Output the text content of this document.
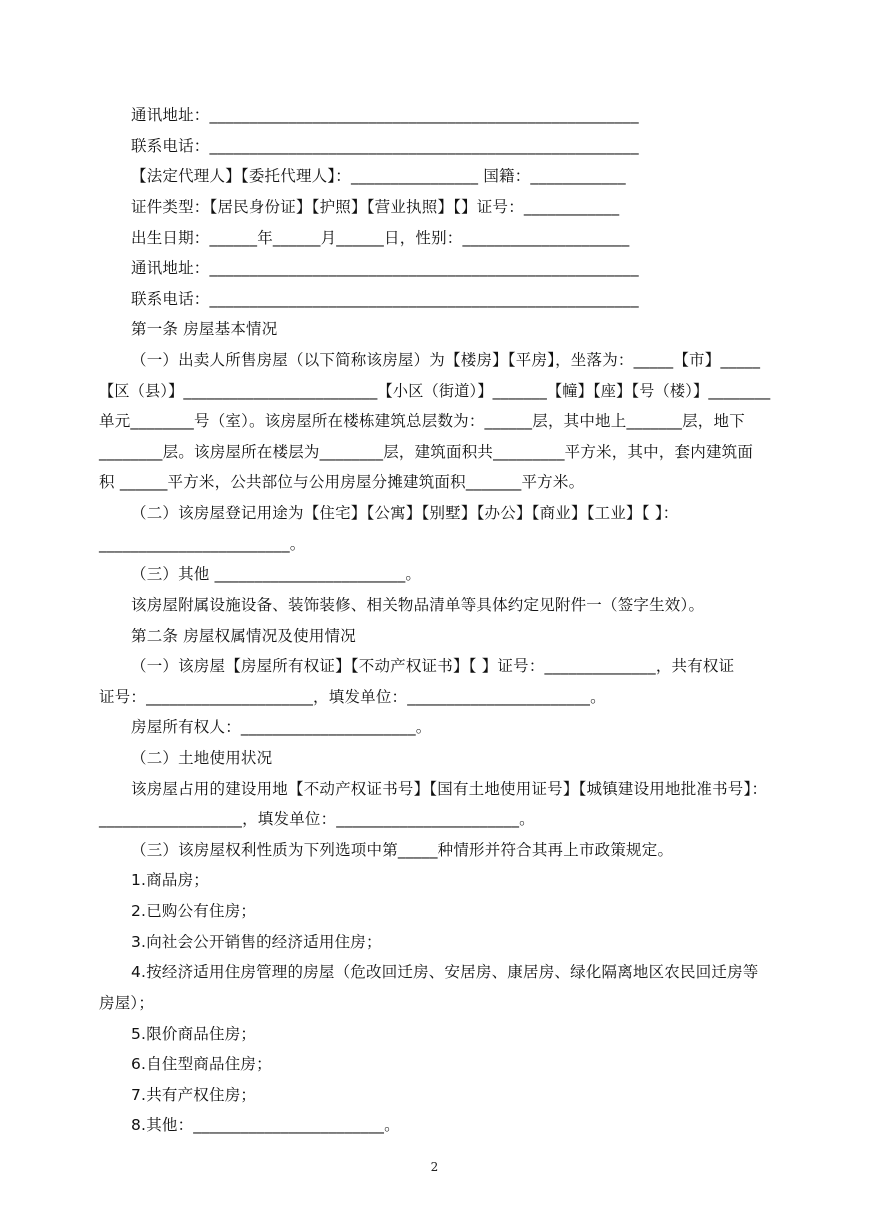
通讯地址：______________________________________________________
联系电话：______________________________________________________
【法定代理人】【委托代理人】：________________ 国籍：____________
证件类型：【居民身份证】【护照】【营业执照】【】证号：____________
出生日期：______年______月______日，性别：_____________________
通讯地址：______________________________________________________
联系电话：______________________________________________________
第一条 房屋基本情况
（一）出卖人所售房屋（以下简称该房屋）为【楼房】【平房】，坐落为：_____【市】_____
【区（县）】_________________________【小区（街道）】_______【幢】【座】【号（楼）】________
单元________号（室）。该房屋所在楼栋建筑总层数为：______层，其中地上_______层，地下
________层。该房屋所在楼层为________层，建筑面积共_________平方米，其中，套内建筑面
积 ______平方米，公共部位与公用房屋分摊建筑面积_______平方米。
（二）该房屋登记用途为【住宅】【公寓】【别墅】【办公】【商业】【工业】【 】：
________________________。
（三）其他 ________________________。
该房屋附属设施设备、装饰装修、相关物品清单等具体约定见附件一（签字生效）。
第二条 房屋权属情况及使用情况
（一）该房屋【房屋所有权证】【不动产权证书】【 】证号：______________，共有权证
证号：_____________________，填发单位：_______________________。
房屋所有权人：______________________。
（二）土地使用状况
该房屋占用的建设用地【不动产权证书号】【国有土地使用证号】【城镇建设用地批准书号】：
__________________，填发单位：_______________________。
（三）该房屋权利性质为下列选项中第_____种情形并符合其再上市政策规定。
1.商品房；
2.已购公有住房；
3.向社会公开销售的经济适用住房；
4.按经济适用住房管理的房屋（危改回迁房、安居房、康居房、绿化隔离地区农民回迁房等
房屋）；
5.限价商品住房；
6.自住型商品住房；
7.共有产权住房；
8.其他：________________________。
2
